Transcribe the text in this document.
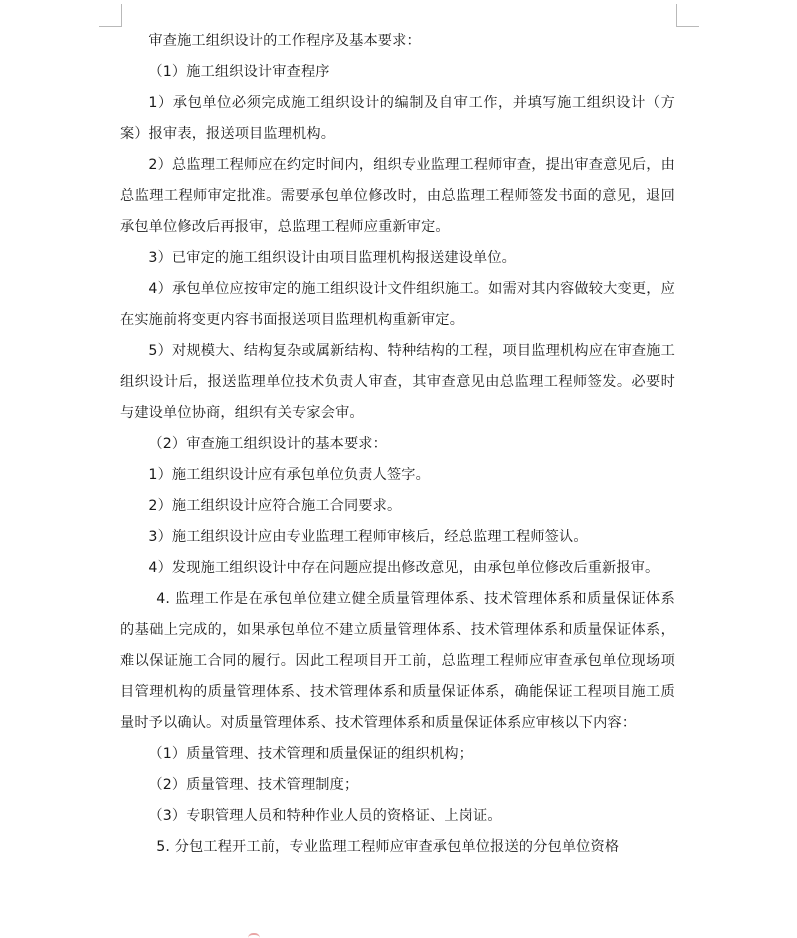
审查施工组织设计的工作程序及基本要求：

（1）施工组织设计审查程序

1）承包单位必须完成施工组织设计的编制及自审工作，并填写施工组织设计（方案）报审表，报送项目监理机构。

2）总监理工程师应在约定时间内，组织专业监理工程师审查，提出审查意见后，由总监理工程师审定批准。需要承包单位修改时，由总监理工程师签发书面的意见，退回承包单位修改后再报审，总监理工程师应重新审定。

3）已审定的施工组织设计由项目监理机构报送建设单位。

4）承包单位应按审定的施工组织设计文件组织施工。如需对其内容做较大变更，应在实施前将变更内容书面报送项目监理机构重新审定。

5）对规模大、结构复杂或属新结构、特种结构的工程，项目监理机构应在审查施工组织设计后，报送监理单位技术负责人审查，其审查意见由总监理工程师签发。必要时与建设单位协商，组织有关专家会审。

（2）审查施工组织设计的基本要求：

1）施工组织设计应有承包单位负责人签字。

2）施工组织设计应符合施工合同要求。

3）施工组织设计应由专业监理工程师审核后，经总监理工程师签认。

4）发现施工组织设计中存在问题应提出修改意见，由承包单位修改后重新报审。

4. 监理工作是在承包单位建立健全质量管理体系、技术管理体系和质量保证体系的基础上完成的，如果承包单位不建立质量管理体系、技术管理体系和质量保证体系，难以保证施工合同的履行。因此工程项目开工前，总监理工程师应审查承包单位现场项目管理机构的质量管理体系、技术管理体系和质量保证体系，确能保证工程项目施工质量时予以确认。对质量管理体系、技术管理体系和质量保证体系应审核以下内容：

（1）质量管理、技术管理和质量保证的组织机构；

（2）质量管理、技术管理制度；

（3）专职管理人员和特种作业人员的资格证、上岗证。

5. 分包工程开工前，专业监理工程师应审查承包单位报送的分包单位资格
